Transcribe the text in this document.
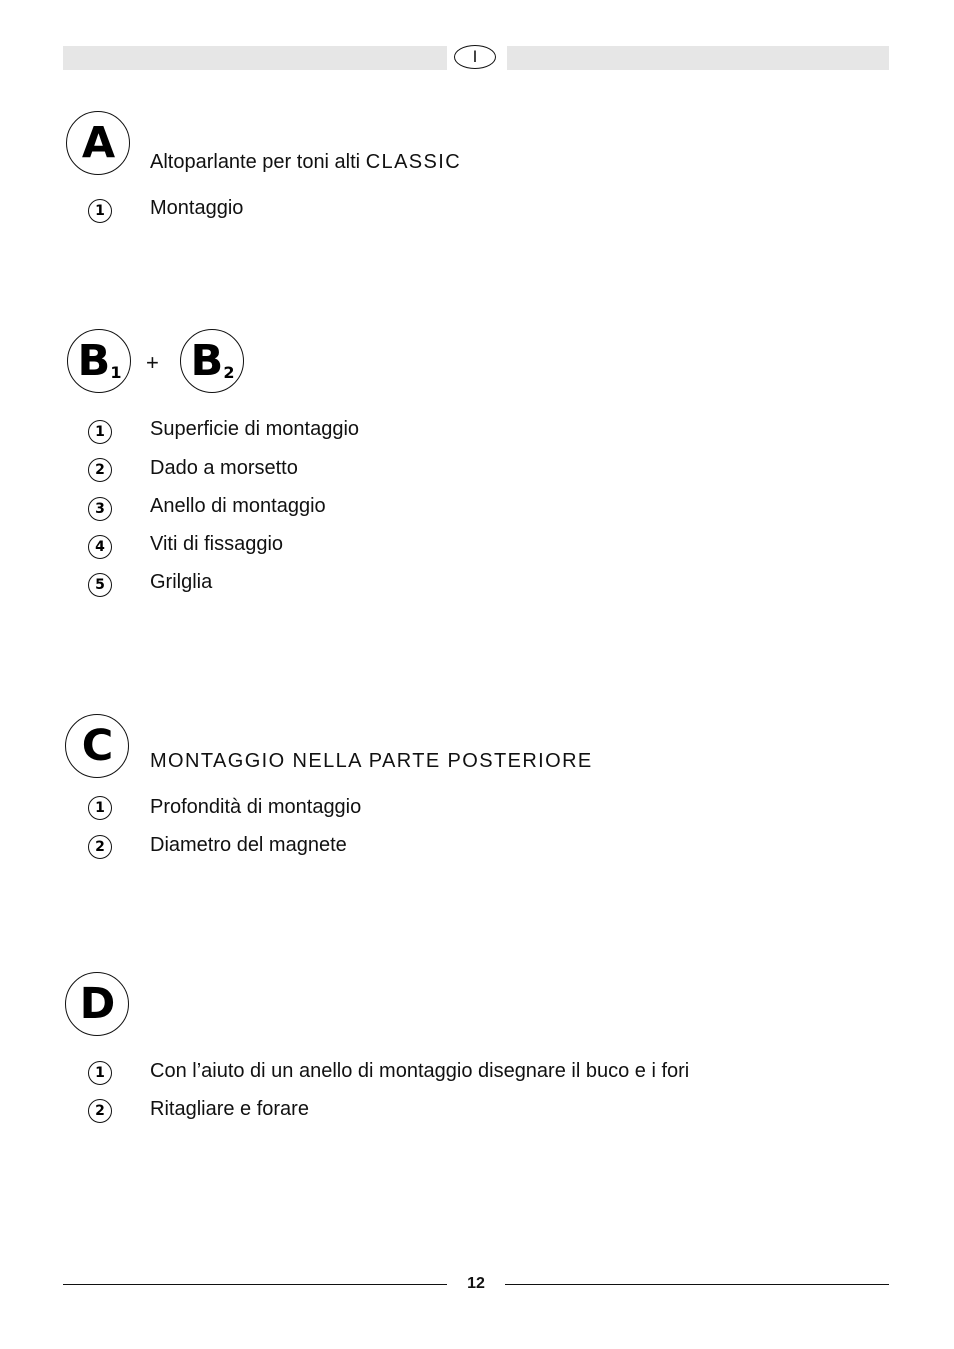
I
A	Altoparlante per toni alti CLASSIC
1	Montaggio
B 1 + B 2
1	Superficie di montaggio
2	Dado a morsetto
3	Anello di montaggio
4	Viti di fissaggio
5	Grilglia
C	MONTAGGIO NELLA PARTE POSTERIORE
1	Profondità di montaggio
2	Diametro del magnete
D
1	Con l’aiuto di un anello di montaggio disegnare il buco e i fori
2	Ritagliare e forare
12
